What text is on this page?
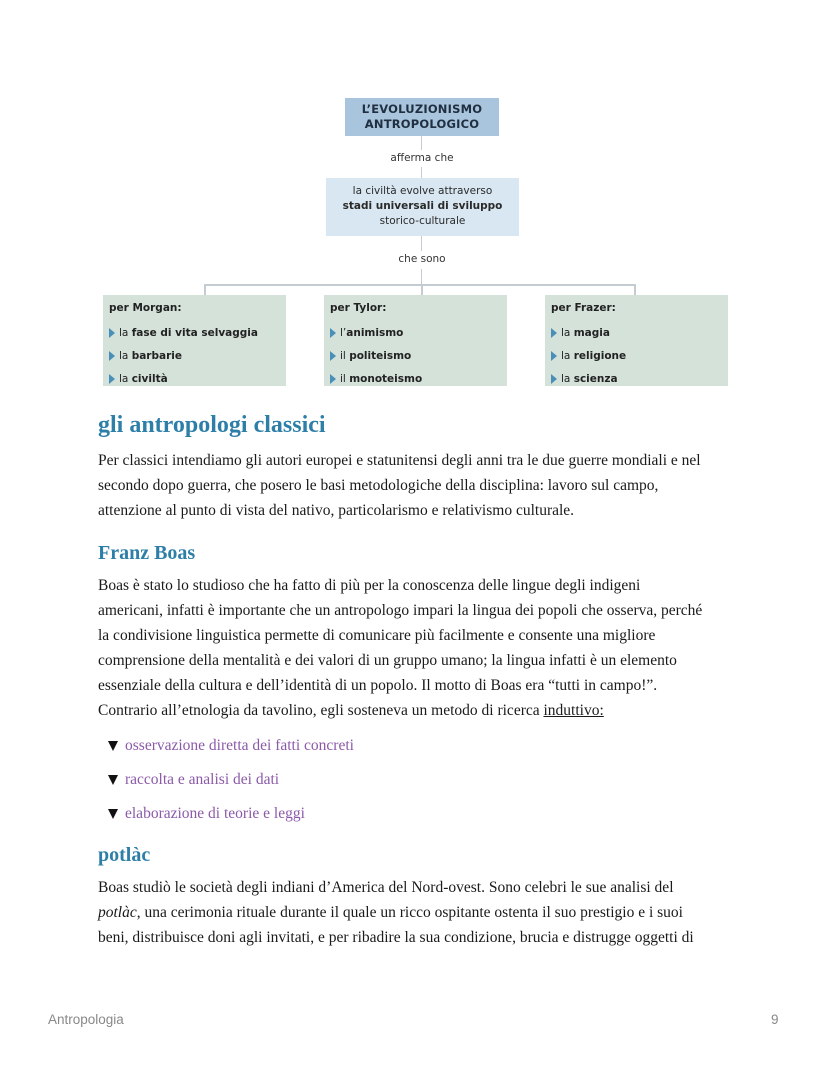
L’EVOLUZIONISMO
ANTROPOLOGICO
afferma che
la civiltà evolve attraverso
stadi universali di sviluppo
storico-culturale
che sono
per Morgan:
la fase di vita selvaggia
la barbarie
la civiltà
per Tylor:
l’ animismo
il politeismo
il monoteismo
per Frazer:
la magia
la religione
la scienza
gli antropologi classici
Per classici intendiamo gli autori europei e statunitensi degli anni tra le due guerre mondiali e nel
secondo dopo guerra, che posero le basi metodologiche della disciplina: lavoro sul campo,
attenzione al punto di vista del nativo, particolarismo e relativismo culturale.
Franz Boas
Boas è stato lo studioso che ha fatto di più per la conoscenza delle lingue degli indigeni
americani, infatti è importante che un antropologo impari la lingua dei popoli che osserva, perché
la condivisione linguistica permette di comunicare più facilmente e consente una migliore
comprensione della mentalità e dei valori di un gruppo umano; la lingua infatti è un elemento
essenziale della cultura e dell’identità di un popolo. Il motto di Boas era “tutti in campo!”.
Contrario all’etnologia da tavolino, egli sosteneva un metodo di ricerca induttivo:
osservazione diretta dei fatti concreti
raccolta e analisi dei dati
elaborazione di teorie e leggi
potlàc
Boas studiò le società degli indiani d’America del Nord-ovest. Sono celebri le sue analisi del
potlàc, una cerimonia rituale durante il quale un ricco ospitante ostenta il suo prestigio e i suoi
beni, distribuisce doni agli invitati, e per ribadire la sua condizione, brucia e distrugge oggetti di
Antropologia	9
